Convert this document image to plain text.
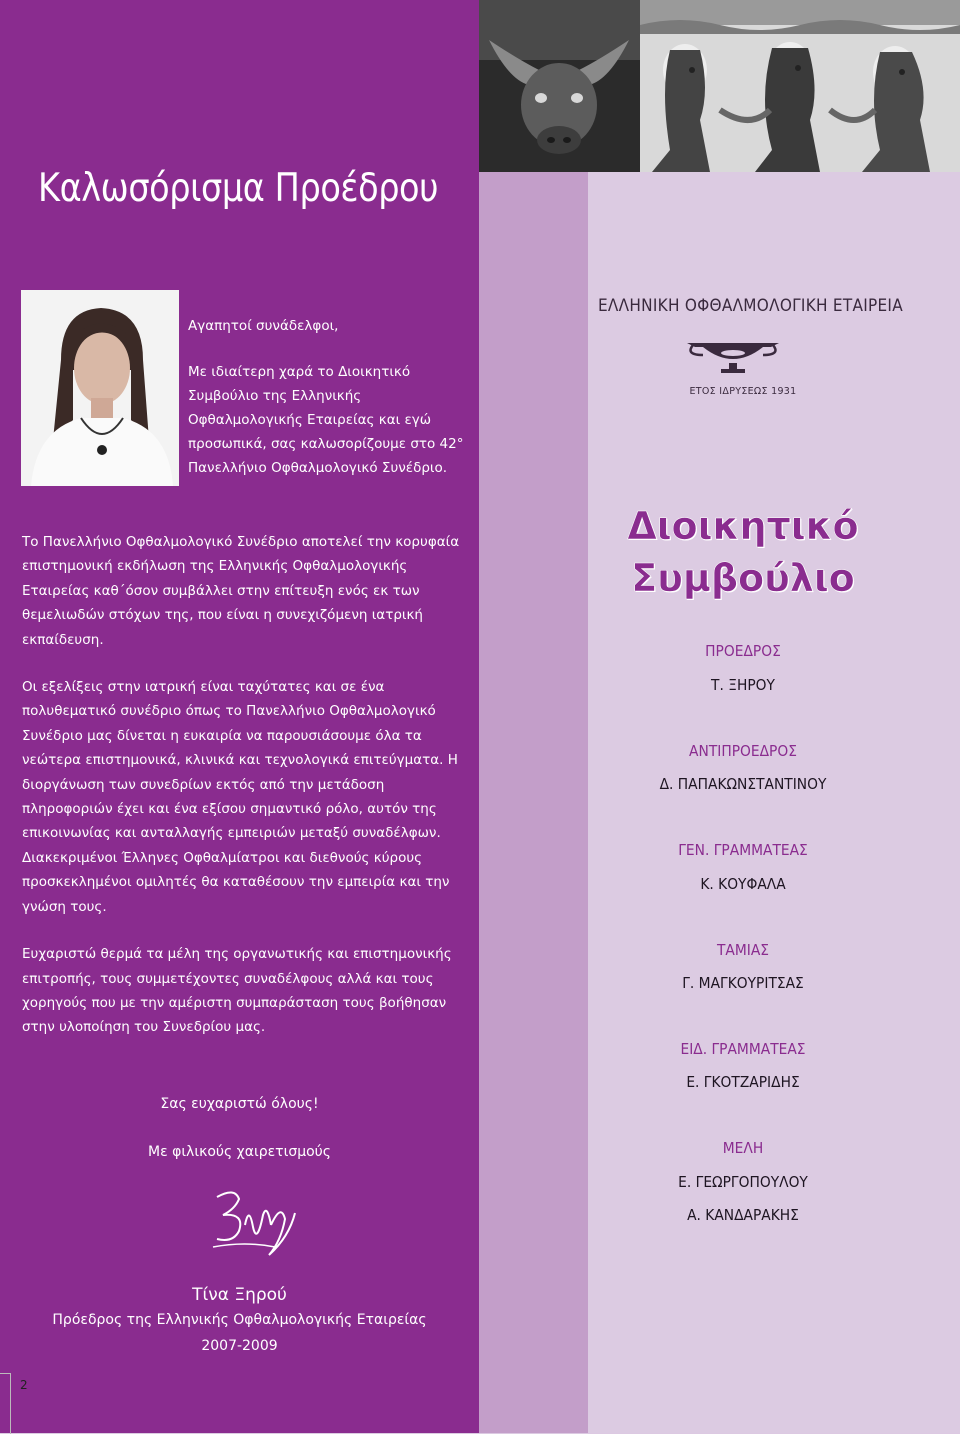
Καλωσόρισμα Προέδρου

Αγαπητοί συνάδελφοι,

Με ιδιαίτερη χαρά το Διοικητικό Συμβούλιο της Ελληνικής Οφθαλμολογικής Εταιρείας και εγώ προσωπικά, σας καλωσορίζουμε στο 42° Πανελλήνιο Οφθαλμολογικό Συνέδριο.

Το Πανελλήνιο Οφθαλμολογικό Συνέδριο αποτελεί την κορυφαία επιστημονική εκδήλωση της Ελληνικής Οφθαλμολογικής Εταιρείας καθ΄όσον συμβάλλει στην επίτευξη ενός εκ των θεμελιωδών στόχων της, που είναι η συνεχιζόμενη ιατρική εκπαίδευση.

Οι εξελίξεις στην ιατρική είναι ταχύτατες και σε ένα πολυθεματικό συνέδριο όπως το Πανελλήνιο Οφθαλμολογικό Συνέδριο μας δίνεται η ευκαιρία να παρουσιάσουμε όλα τα νεώτερα επιστημονικά, κλινικά και τεχνολογικά επιτεύγματα. Η διοργάνωση των συνεδρίων εκτός από την μετάδοση πληροφοριών έχει και ένα εξίσου σημαντικό ρόλο, αυτόν της επικοινωνίας και ανταλλαγής εμπειριών μεταξύ συναδέλφων. Διακεκριμένοι Έλληνες Οφθαλμίατροι και διεθνούς κύρους προσκεκλημένοι ομιλητές θα καταθέσουν την εμπειρία και την γνώση τους.

Ευχαριστώ θερμά τα μέλη της οργανωτικής και επιστημονικής επιτροπής, τους συμμετέχοντες συναδέλφους αλλά και τους χορηγούς που με την αμέριστη συμπαράσταση τους βοήθησαν στην υλοποίηση του Συνεδρίου μας.

Σας ευχαριστώ όλους!
Με φιλικούς χαιρετισμούς
Τίνα Ξηρού
Πρόεδρος της Ελληνικής Οφθαλμολογικής Εταιρείας
2007-2009
2
ΕΛΛΗΝΙΚΗ ΟΦΘΑΛΜΟΛΟΓΙΚΗ ΕΤΑΙΡΕΙΑ
ΕΤΟΣ ΙΔΡΥΣΕΩΣ 1931
Διοικητικό
Συμβούλιο
ΠΡΟΕΔΡΟΣ
Τ. ΞΗΡΟΥ
ΑΝΤΙΠΡΟΕΔΡΟΣ
Δ. ΠΑΠΑΚΩΝΣΤΑΝΤΙΝΟΥ
ΓΕΝ. ΓΡΑΜΜΑΤΕΑΣ
Κ. ΚΟΥΦΑΛΑ
ΤΑΜΙΑΣ
Γ. ΜΑΓΚΟΥΡΙΤΣΑΣ
ΕΙΔ. ΓΡΑΜΜΑΤΕΑΣ
Ε. ΓΚΟΤΖΑΡΙΔΗΣ
ΜΕΛΗ
Ε. ΓΕΩΡΓΟΠΟΥΛΟΥ
Α. ΚΑΝΔΑΡΑΚΗΣ
